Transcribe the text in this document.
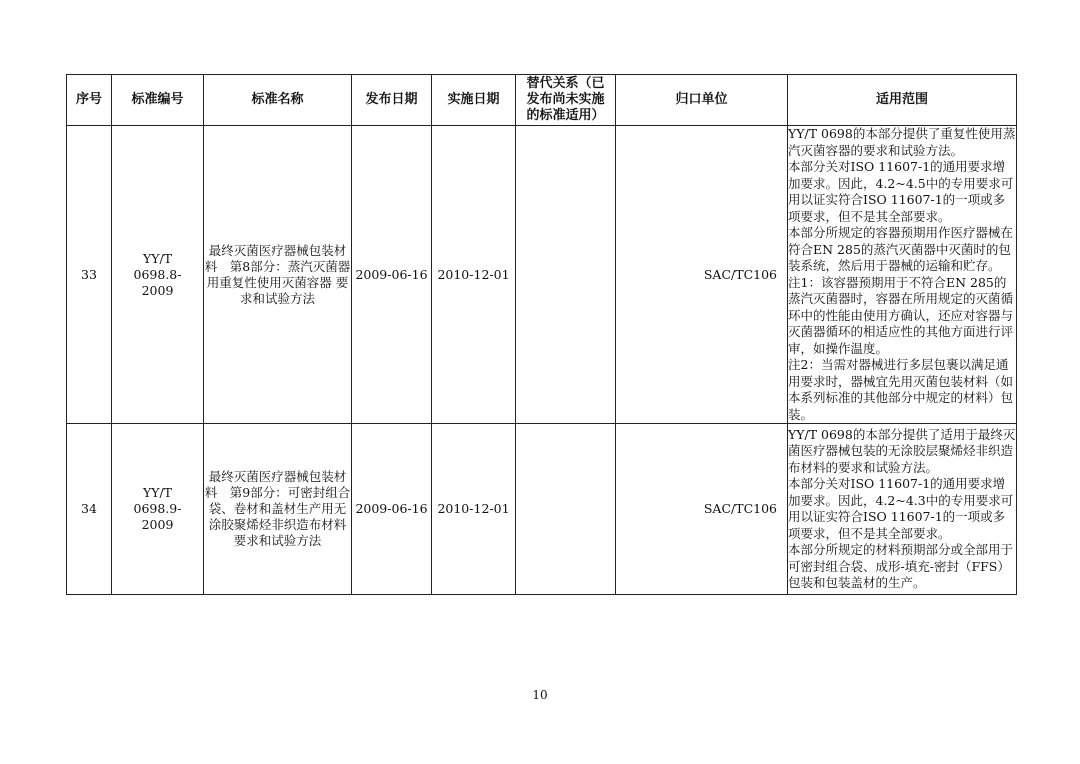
序号	标准编号	标准名称	发布日期	实施日期	替代关系（已发布尚未实施的标准适用）	归口单位	适用范围
33	YY/T 0698.8-2009	最终灭菌医疗器械包装材料　第8部分：蒸汽灭菌器用重复性使用灭菌容器 要求和试验方法	2009-06-16	2010-12-01		SAC/TC106	YY/T 0698的本部分提供了重复性使用蒸汽灭菌容器的要求和试验方法。
本部分关对ISO 11607-1的通用要求增加要求。因此，4.2~4.5中的专用要求可用以证实符合ISO 11607-1的一项或多项要求，但不是其全部要求。
本部分所规定的容器预期用作医疗器械在符合EN 285的蒸汽灭菌器中灭菌时的包装系统，然后用于器械的运输和贮存。
注1：该容器预期用于不符合EN 285的蒸汽灭菌器时，容器在所用规定的灭菌循环中的性能由使用方确认，还应对容器与灭菌器循环的相适应性的其他方面进行评审，如操作温度。
注2：当需对器械进行多层包裹以满足通用要求时，器械宜先用灭菌包装材料（如本系列标准的其他部分中规定的材料）包装。

34	YY/T 0698.9-2009	最终灭菌医疗器械包装材料　第9部分：可密封组合袋、卷材和盖材生产用无涂胶聚烯烃非织造布材料 要求和试验方法	2009-06-16	2010-12-01		SAC/TC106	YY/T 0698的本部分提供了适用于最终灭菌医疗器械包装的无涂胶层聚烯烃非织造布材料的要求和试验方法。
本部分关对ISO 11607-1的通用要求增加要求。因此，4.2~4.3中的专用要求可用以证实符合ISO 11607-1的一项或多项要求，但不是其全部要求。
本部分所规定的材料预期部分或全部用于可密封组合袋、成形-填充-密封（FFS）包装和包装盖材的生产。
10
